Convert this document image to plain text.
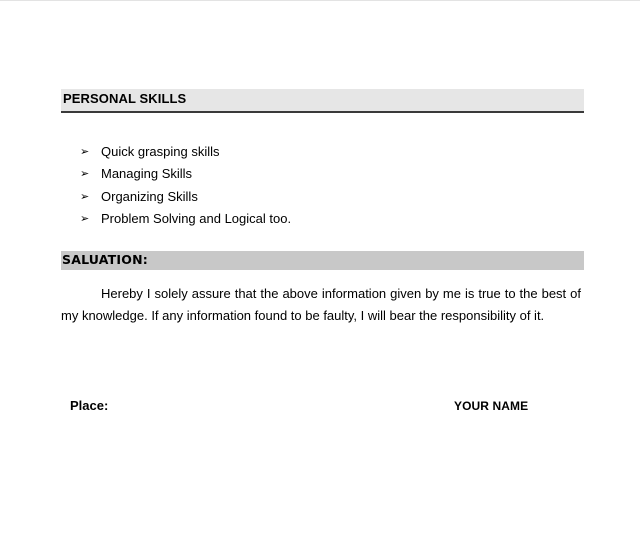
PERSONAL SKILLS
➢ Quick grasping skills
➢ Managing Skills
➢ Organizing Skills
➢ Problem Solving and Logical too.
SALUATION:

Hereby I solely assure that the above information given by me is true to the best of my knowledge. If any information found to be faulty, I will bear the responsibility of it.

Place:	YOUR NAME
